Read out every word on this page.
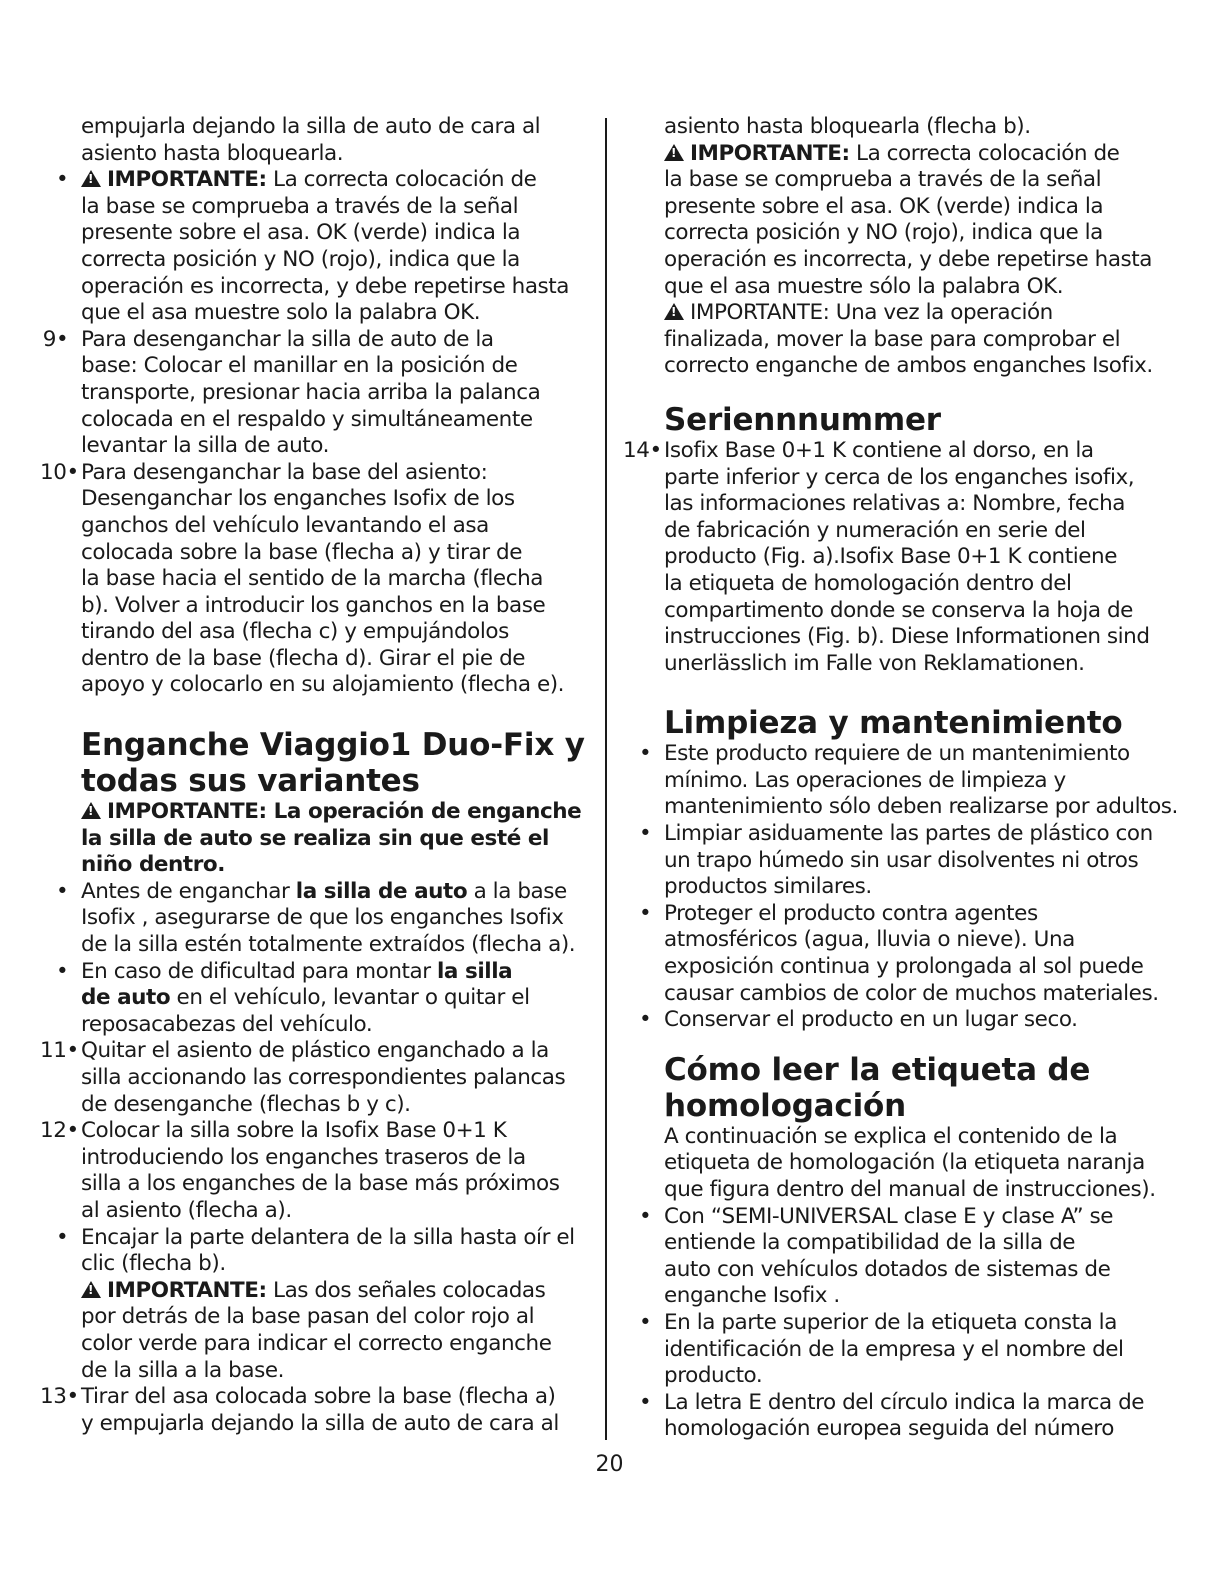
empujarla dejando la silla de auto de cara al
asiento hasta bloquearla.
•  !IMPORTANTE: La correcta colocación de
la base se comprueba a través de la señal
presente sobre el asa. OK (verde) indica la
correcta posición y NO (rojo), indica que la
operación es incorrecta, y debe repetirse hasta
que el asa muestre solo la palabra OK.
9•  Para desenganchar la silla de auto de la
base: Colocar el manillar en la posición de
transporte, presionar hacia arriba la palanca
colocada en el respaldo y simultáneamente
levantar la silla de auto.
10•  Para desenganchar la base del asiento:
Desenganchar los enganches Isofix de los
ganchos del vehículo levantando el asa
colocada sobre la base (flecha a) y tirar de
la base hacia el sentido de la marcha (flecha
b). Volver a introducir los ganchos en la base
tirando del asa (flecha c) y empujándolos
dentro de la base (flecha d). Girar el pie de
apoyo y colocarlo en su alojamiento (flecha e).
Enganche Viaggio1 Duo-Fix y
todas sus variantes
!IMPORTANTE: La operación de enganche
la silla de auto se realiza sin que esté el
niño dentro.
•  Antes de enganchar la silla de auto a la base
Isofix , asegurarse de que los enganches Isofix
de la silla estén totalmente extraídos (flecha a).
•  En caso de dificultad para montar la silla
de auto en el vehículo, levantar o quitar el
reposacabezas del vehículo.
11•  Quitar el asiento de plástico enganchado a la
silla accionando las correspondientes palancas
de desenganche (flechas b y c).
12•  Colocar la silla sobre la Isofix Base 0+1 K
introduciendo los enganches traseros de la
silla a los enganches de la base más próximos
al asiento (flecha a).
•  Encajar la parte delantera de la silla hasta oír el
clic (flecha b).
!IMPORTANTE: Las dos señales colocadas
por detrás de la base pasan del color rojo al
color verde para indicar el correcto enganche
de la silla a la base.
13•  Tirar del asa colocada sobre la base (flecha a)
y empujarla dejando la silla de auto de cara al
asiento hasta bloquearla (flecha b).
!IMPORTANTE: La correcta colocación de
la base se comprueba a través de la señal
presente sobre el asa. OK (verde) indica la
correcta posición y NO (rojo), indica que la
operación es incorrecta, y debe repetirse hasta
que el asa muestre sólo la palabra OK.
!IMPORTANTE: Una vez la operación
finalizada, mover la base para comprobar el
correcto enganche de ambos enganches Isofix.
Seriennnummer
14•  Isofix Base 0+1 K contiene al dorso, en la
parte inferior y cerca de los enganches isofix,
las informaciones relativas a: Nombre, fecha
de fabricación y numeración en serie del
producto (Fig. a).Isofix Base 0+1 K contiene
la etiqueta de homologación dentro del
compartimento donde se conserva la hoja de
instrucciones (Fig. b). Diese Informationen sind
unerlässlich im Falle von Reklamationen.
Limpieza y mantenimiento
•  Este producto requiere de un mantenimiento
mínimo. Las operaciones de limpieza y
mantenimiento sólo deben realizarse por adultos.
•  Limpiar asiduamente las partes de plástico con
un trapo húmedo sin usar disolventes ni otros
productos similares.
•  Proteger el producto contra agentes
atmosféricos (agua, lluvia o nieve). Una
exposición continua y prolongada al sol puede
causar cambios de color de muchos materiales.
•  Conservar el producto en un lugar seco.
Cómo leer la etiqueta de
homologación
A continuación se explica el contenido de la
etiqueta de homologación (la etiqueta naranja
que figura dentro del manual de instrucciones).
•  Con “SEMI-UNIVERSAL clase E y clase A” se
entiende la compatibilidad de la silla de
auto con vehículos dotados de sistemas de
enganche Isofix .
•  En la parte superior de la etiqueta consta la
identificación de la empresa y el nombre del
producto.
•  La letra E dentro del círculo indica la marca de
homologación europea seguida del número
20
